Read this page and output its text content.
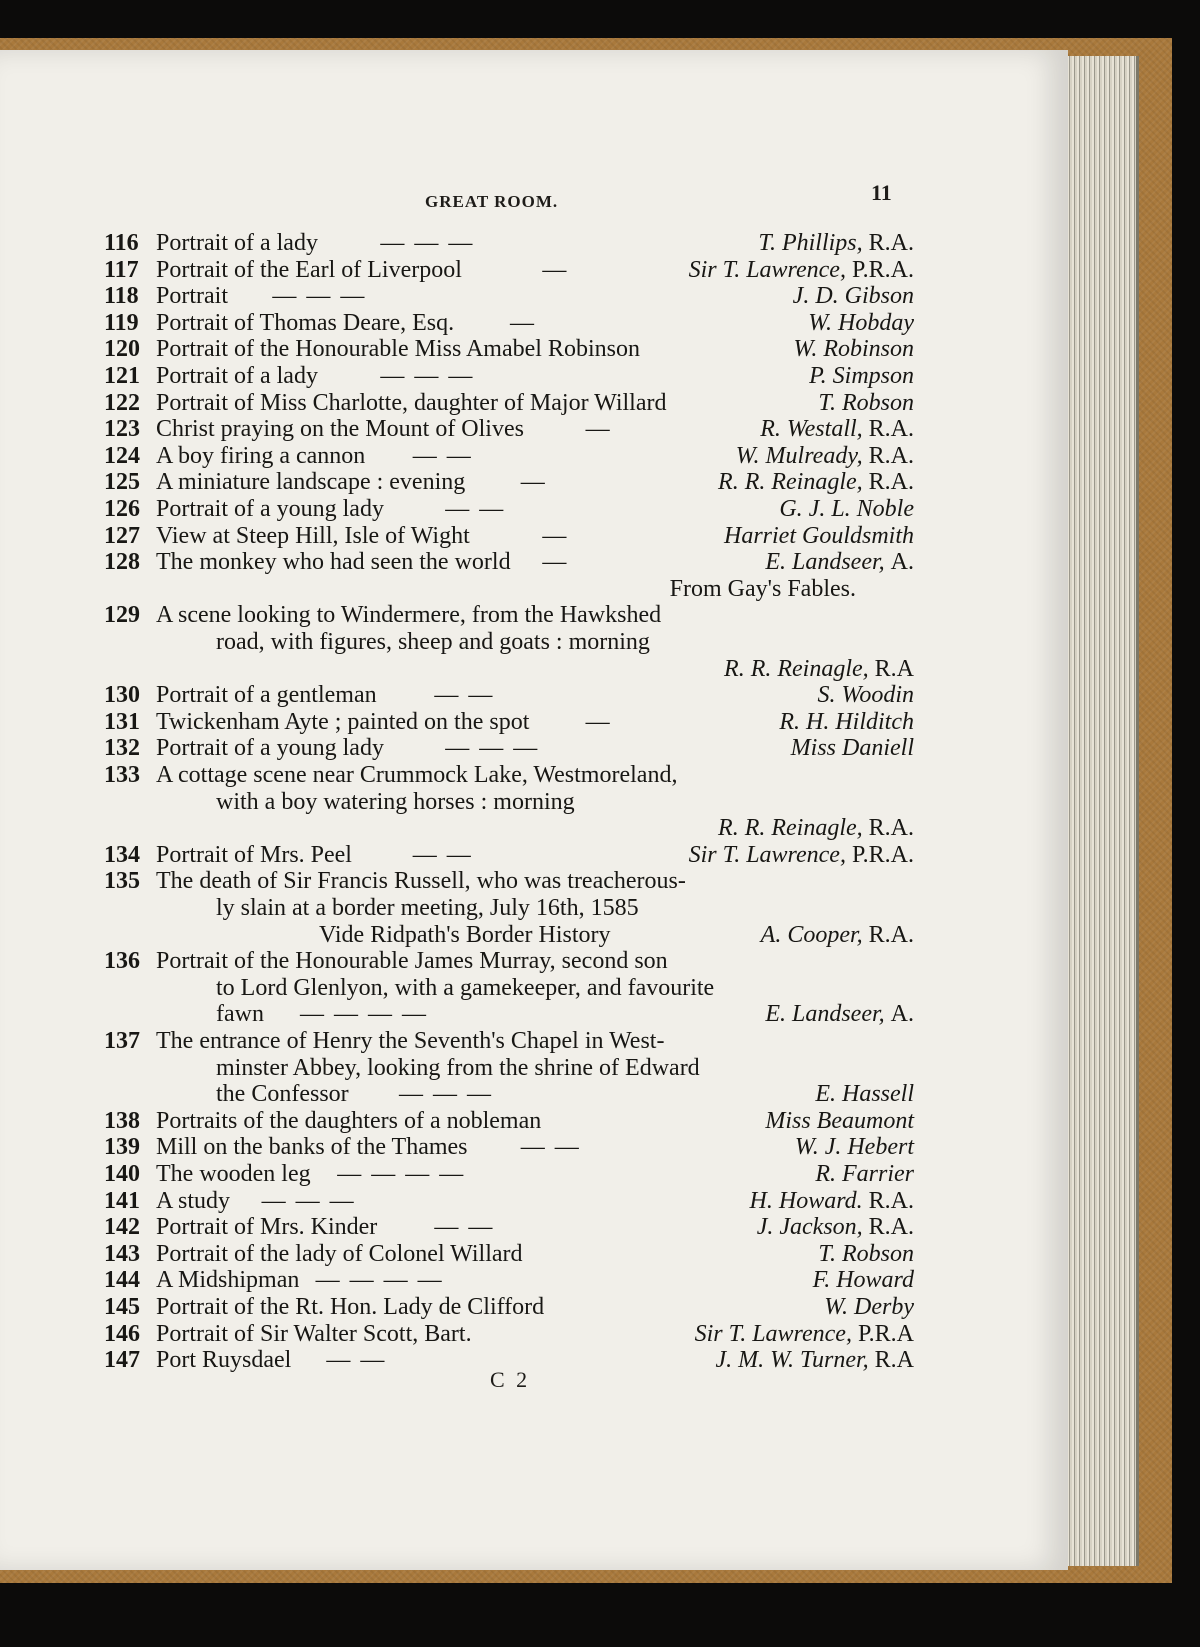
GREAT ROOM.	11
116 Portrait of a lady	— — —	T. Phillips, R.A.
117 Portrait of the Earl of Liverpool	—	Sir T. Lawrence, P.R.A.
118 Portrait — — —	J. D. Gibson
119 Portrait of Thomas Deare, Esq. —	W. Hobday
120 Portrait of the Honourable Miss Amabel Robinson	W. Robinson
121 Portrait of a lady	— — —	P. Simpson
122 Portrait of Miss Charlotte, daughter of Major Willard	T. Robson
123 Christ praying on the Mount of Olives	—	R. Westall, R.A.
124 A boy firing a cannon — —	W. Mulready, R.A.
125 A miniature landscape : evening —	R. R. Reinagle, R.A.
126 Portrait of a young lady	— —	G. J. L. Noble
127 View at Steep Hill, Isle of Wight	—	Harriet Gouldsmith
128 The monkey who had seen the world —	E. Landseer, A.
From Gay's Fables.
129 A scene looking to Windermere, from the Hawkshed
road, with figures, sheep and goats : morning
R. R. Reinagle, R.A
130 Portrait of a gentleman — —	S. Woodin
131 Twickenham Ayte ; painted on the spot —	R. H. Hilditch
132 Portrait of a young lady	— — —	Miss Daniell
133 A cottage scene near Crummock Lake, Westmoreland,
with a boy watering horses : morning
R. R. Reinagle, R.A.
134 Portrait of Mrs. Peel	— —	Sir T. Lawrence, P.R.A.
135 The death of Sir Francis Russell, who was treacherous-
ly slain at a border meeting, July 16th, 1585
Vide Ridpath's Border History	A. Cooper, R.A.
136 Portrait of the Honourable James Murray, second son
to Lord Glenlyon, with a gamekeeper, and favourite
fawn — — — —	E. Landseer, A.
137 The entrance of Henry the Seventh's Chapel in West-
minster Abbey, looking from the shrine of Edward
the Confessor — — —	E. Hassell
138 Portraits of the daughters of a nobleman	Miss Beaumont
139 Mill on the banks of the Thames — —	W. J. Hebert
140 The wooden leg — — — —	R. Farrier
141 A study — — —	H. Howard. R.A.
142 Portrait of Mrs. Kinder — —	J. Jackson, R.A.
143 Portrait of the lady of Colonel Willard	T. Robson
144 A Midshipman — — — —	F. Howard
145 Portrait of the Rt. Hon. Lady de Clifford	W. Derby
146 Portrait of Sir Walter Scott, Bart.	Sir T. Lawrence, P.R.A
147 Port Ruysdael — —	J. M. W. Turner, R.A
C 2
